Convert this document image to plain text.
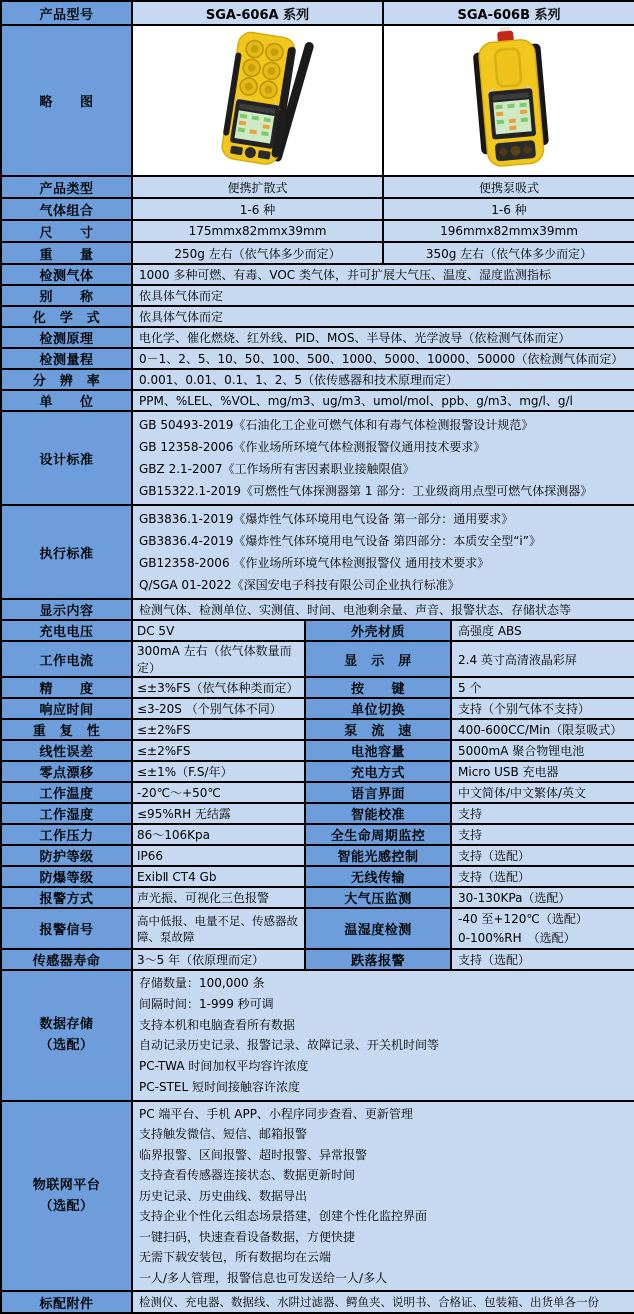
产品型号	SGA-606A 系列		SGA-606B 系列	
略　　图		
产品类型	便携扩散式		便携泵吸式	
气体组合	1-6 种		1-6 种	
尺　　寸	175mmx82mmx39mm		196mmx82mmx39mm	
重　　量	250g 左右（依气体多少而定）		350g 左右（依气体多少而定）	
检测气体	1000 多种可燃、有毒、VOC 类气体，并可扩展大气压、温度、湿度监测指标			
别　　称	依具体气体而定			
化　学　式	依具体气体而定			
检测原理	电化学、催化燃烧、红外线、PID、MOS、半导体、光学波导（依检测气体而定）			
检测量程	0－1、2、5、10、50、100、500、1000、5000、10000、50000（依检测气体而定）			
分　辨　率	0.001、0.01、0.1、1、2、5（依传感器和技术原理而定）			
单　　位	PPM、%LEL、%VOL、mg/m3、ug/m3、umol/mol、ppb、g/m3、mg/l、g/l			
设计标准	GB 50493-2019《石油化工企业可燃气体和有毒气体检测报警设计规范》
GB 12358-2006《作业场所环境气体检测报警仪通用技术要求》
GBZ 2.1-2007《工作场所有害因素职业接触限值》
GB15322.1-2019《可燃性气体探测器第 1 部分：工业级商用点型可燃气体探测器》			

执行标准	GB3836.1-2019《爆炸性气体环境用电气设备 第一部分：通用要求》
GB3836.4-2019《爆炸性气体环境用电气设备 第四部分：本质安全型“i”》
GB12358-2006 《作业场所环境气体检测报警仪 通用技术要求》
Q/SGA 01-2022《深国安电子科技有限公司企业执行标准》			

显示内容	检测气体、检测单位、实测值、时间、电池剩余量、声音、报警状态、存储状态等			
充电电压	DC 5V	外壳材质		高强度 ABS
工作电流	300mA 左右（依气体数量而定）	显　示　屏		2.4 英寸高清液晶彩屏
精　　度	≤±3%FS（依气体种类而定）	按　　键		5 个
响应时间	≤3-20S （个别气体不同）	单位切换		支持（个别气体不支持）
重　复　性	≤±2%FS	泵　流　速		400-600CC/Min（限泵吸式）
线性误差	≤±2%FS	电池容量		5000mA 聚合物锂电池
零点漂移	≤±1%（F.S/年）	充电方式		Micro USB 充电器
工作温度	-20℃～+50℃	语言界面		中文简体/中文繁体/英文
工作湿度	≤95%RH 无结露	智能校准		支持
工作压力	86～106Kpa	全生命周期监控		支持
防护等级	IP66	智能光感控制		支持（选配）
防爆等级	ExibⅡ CT4 Gb	无线传输		支持（选配）
报警方式	声光振、可视化三色报警	大气压监测		30-130KPa（选配）
报警信号	高中低报、电量不足、传感器故障、泵故障	温湿度检测		-40 至+120℃（选配）
0-100%RH　（选配）

传感器寿命	3～5 年（依原理而定）	跌落报警		支持（选配）

数据存储
（选配）

存储数量：100,000 条
间隔时间：1-999 秒可调
支持本机和电脑查看所有数据
自动记录历史记录、报警记录、故障记录、开关机时间等
PC-TWA 时间加权平均容许浓度
PC-STEL 短时间接触容许浓度

物联网平台
（选配）

PC 端平台、手机 APP、小程序同步查看、更新管理
支持触发微信、短信、邮箱报警
临界报警、区间报警、超时报警、异常报警
支持查看传感器连接状态、数据更新时间
历史记录、历史曲线、数据导出
支持企业个性化云组态场景搭建，创建个性化监控界面
一键扫码，快速查看设备数据，方便快捷
无需下载安装包，所有数据均在云端
一人/多人管理，报警信息也可发送给一人/多人

标配附件	检测仪、充电器、数据线、水阱过滤器、鳄鱼夹、说明书、合格证、包装箱、出货单各一份			
